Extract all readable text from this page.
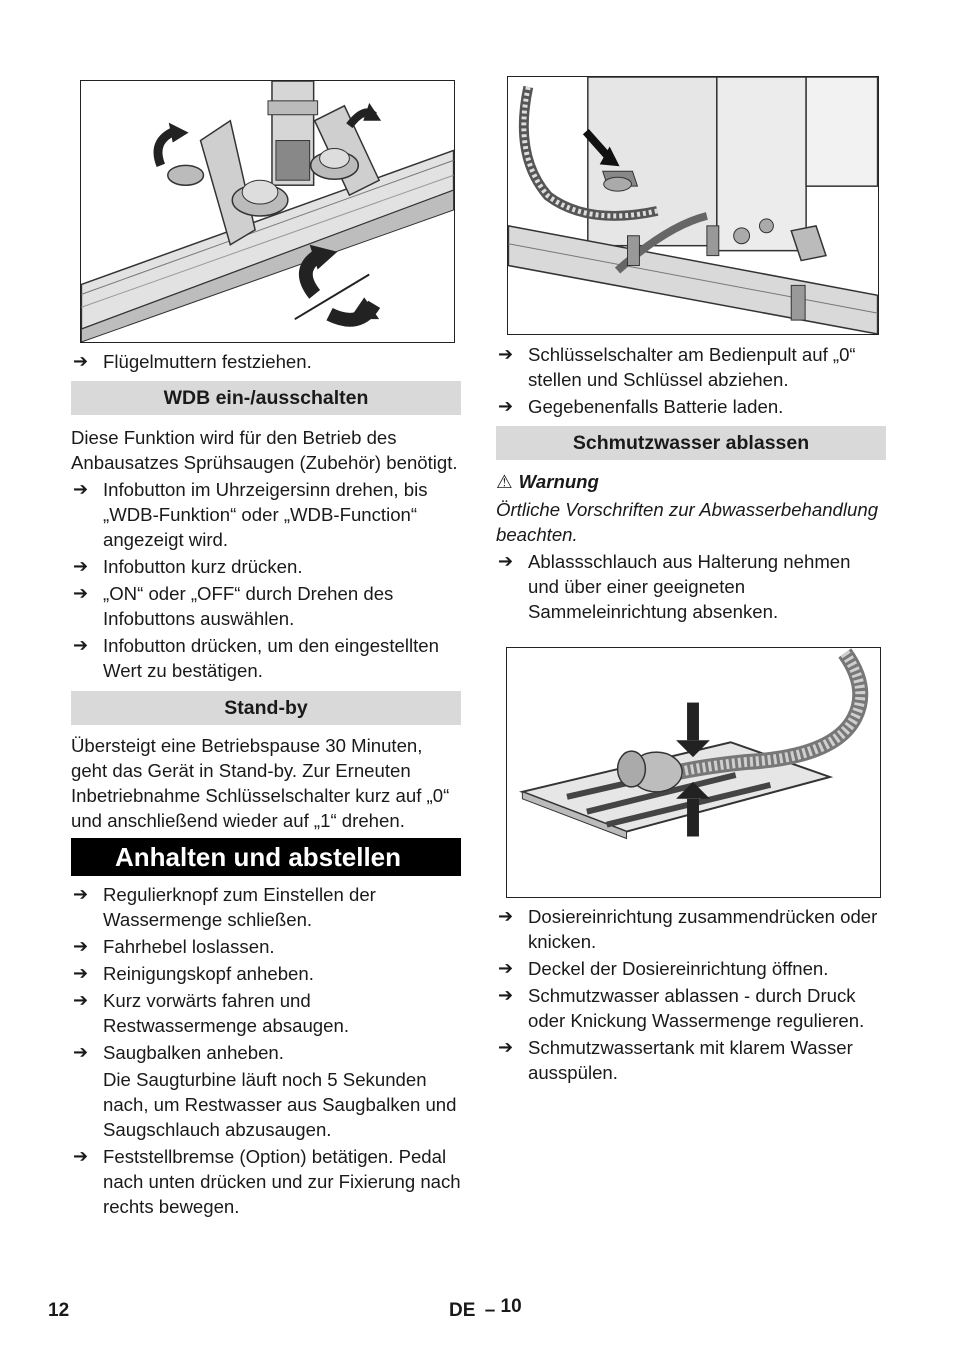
➔ Flügelmuttern festziehen.
WDB ein-/ausschalten
Diese Funktion wird für den Betrieb des Anbausatzes Sprühsaugen (Zubehör) benötigt.
➔ Infobutton im Uhrzeigersinn drehen, bis „WDB-Funktion“ oder „WDB-Function“ angezeigt wird.
➔ Infobutton kurz drücken.
➔ „ON“ oder „OFF“ durch Drehen des Infobuttons auswählen.
➔ Infobutton drücken, um den eingestellten Wert zu bestätigen.
Stand-by
Übersteigt eine Betriebspause 30 Minuten, geht das Gerät in Stand-by. Zur Erneuten Inbetriebnahme Schlüsselschalter kurz auf „0“ und anschließend wieder auf „1“ drehen.
Anhalten und abstellen
➔ Regulierknopf zum Einstellen der Wassermenge schließen.
➔ Fahrhebel loslassen.
➔ Reinigungskopf anheben.
➔ Kurz vorwärts fahren und Restwassermenge absaugen.
➔ Saugbalken anheben.
Die Saugturbine läuft noch 5 Sekunden nach, um Restwasser aus Saugbalken und Saugschlauch abzusaugen.
➔ Feststellbremse (Option) betätigen. Pedal nach unten drücken und zur Fixierung nach rechts bewegen.
➔ Schlüsselschalter am Bedienpult auf „0“ stellen und Schlüssel abziehen.
➔ Gegebenenfalls Batterie laden.
Schmutzwasser ablassen
⚠ Warnung
Örtliche Vorschriften zur Abwasserbehandlung beachten.
➔ Ablassschlauch aus Halterung nehmen und über einer geeigneten Sammeleinrichtung absenken.
➔ Dosiereinrichtung zusammendrücken oder knicken.
➔ Deckel der Dosiereinrichtung öffnen.
➔ Schmutzwasser ablassen - durch Druck oder Knickung Wassermenge regulieren.
➔ Schmutzwassertank mit klarem Wasser ausspülen.
12	DE – 10
